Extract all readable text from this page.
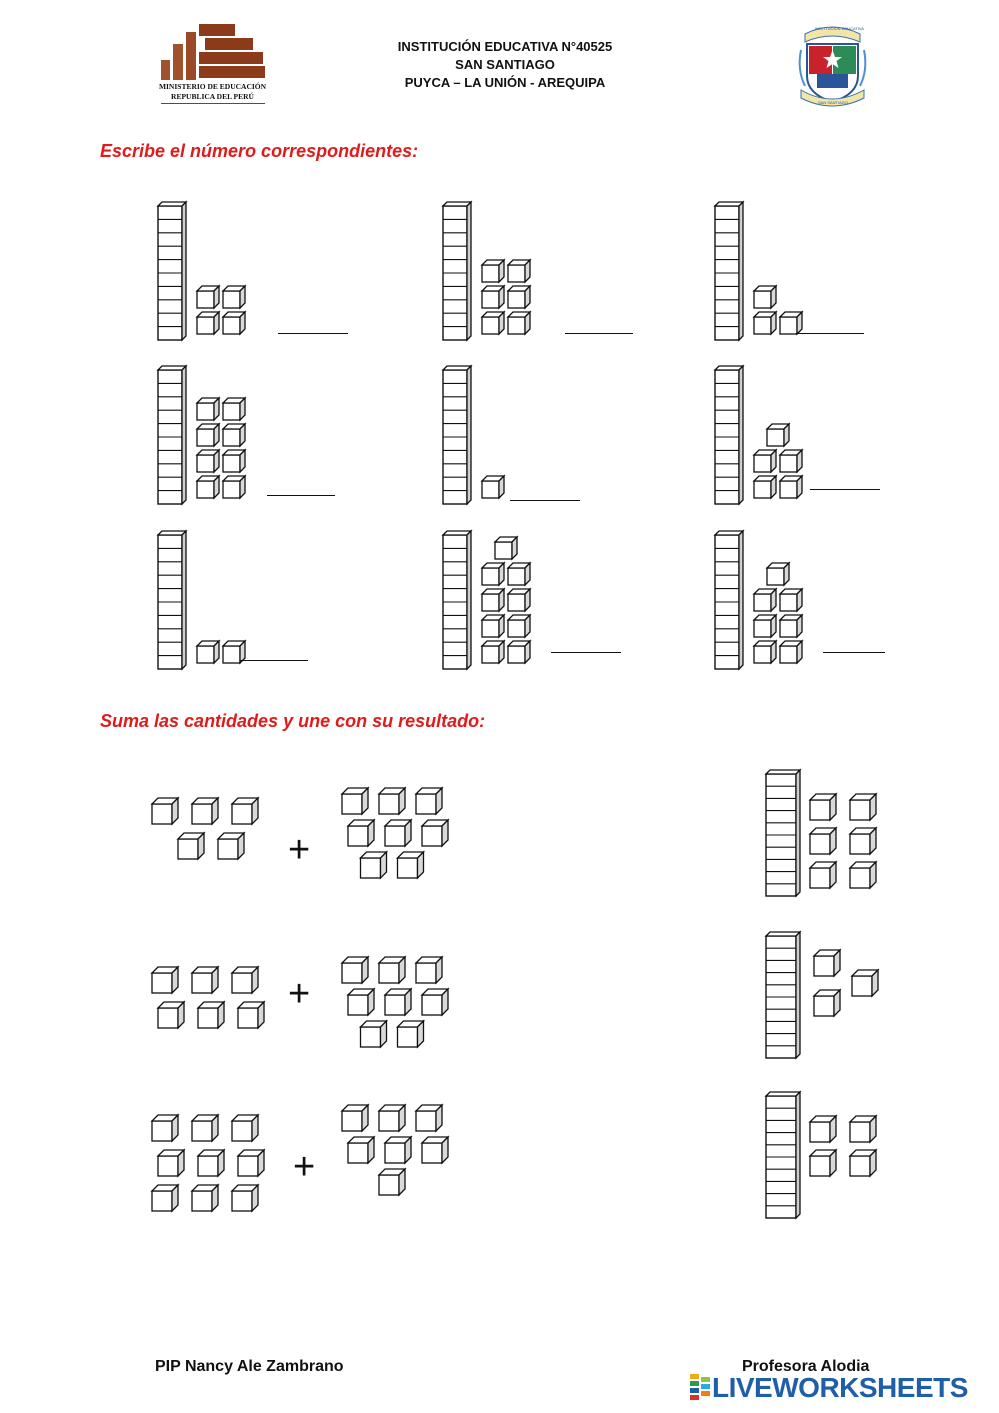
MINISTERIO DE EDUCACIÓN
REPUBLICA DEL PERÚ
INSTITUCIÓN EDUCATIVA N°40525
SAN SANTIAGO
PUYCA – LA UNIÓN - AREQUIPA
INSTITUCIÓN EDUCATIVA
SAN SANTIAGO
Escribe el número correspondientes:
Suma las cantidades y une con su resultado:
PIP Nancy Ale Zambrano	Profesora Alodia
LIVEWORKSHEETS
+
+
+
